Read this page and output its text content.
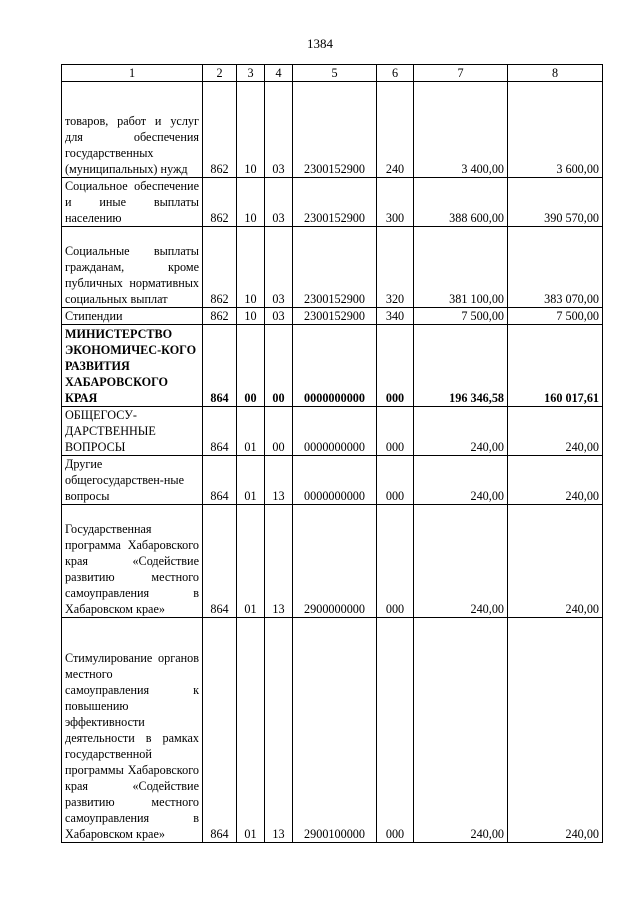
1384
1	2	3	4	5	6	7	8
товаров, работ и услуг для обеспечения государственных (муниципальных) нужд	862	10	03	2300152900	240	3 400,00	3 600,00
Социальное обеспечение и иные выплаты населению	862	10	03	2300152900	300	388 600,00	390 570,00
Социальные выплаты гражданам, кроме публичных нормативных социальных выплат	862	10	03	2300152900	320	381 100,00	383 070,00
Стипендии	862	10	03	2300152900	340	7 500,00	7 500,00
МИНИСТЕРСТВО ЭКОНОМИЧЕС-КОГО РАЗВИТИЯ ХАБАРОВСКОГО КРАЯ	864	00	00	0000000000	000	196 346,58	160 017,61
ОБЩЕГОСУ-ДАРСТВЕННЫЕ ВОПРОСЫ	864	01	00	0000000000	000	240,00	240,00
Другие общегосударствен-ные вопросы	864	01	13	0000000000	000	240,00	240,00
Государственная программа Хабаровского края «Содействие развитию местного самоуправления в Хабаровском крае»	864	01	13	2900000000	000	240,00	240,00
Стимулирование органов местного самоуправления к повышению эффективности деятельности в рамках государственной программы Хабаровского края «Содействие развитию местного самоуправления в Хабаровском крае»	864	01	13	2900100000	000	240,00	240,00
